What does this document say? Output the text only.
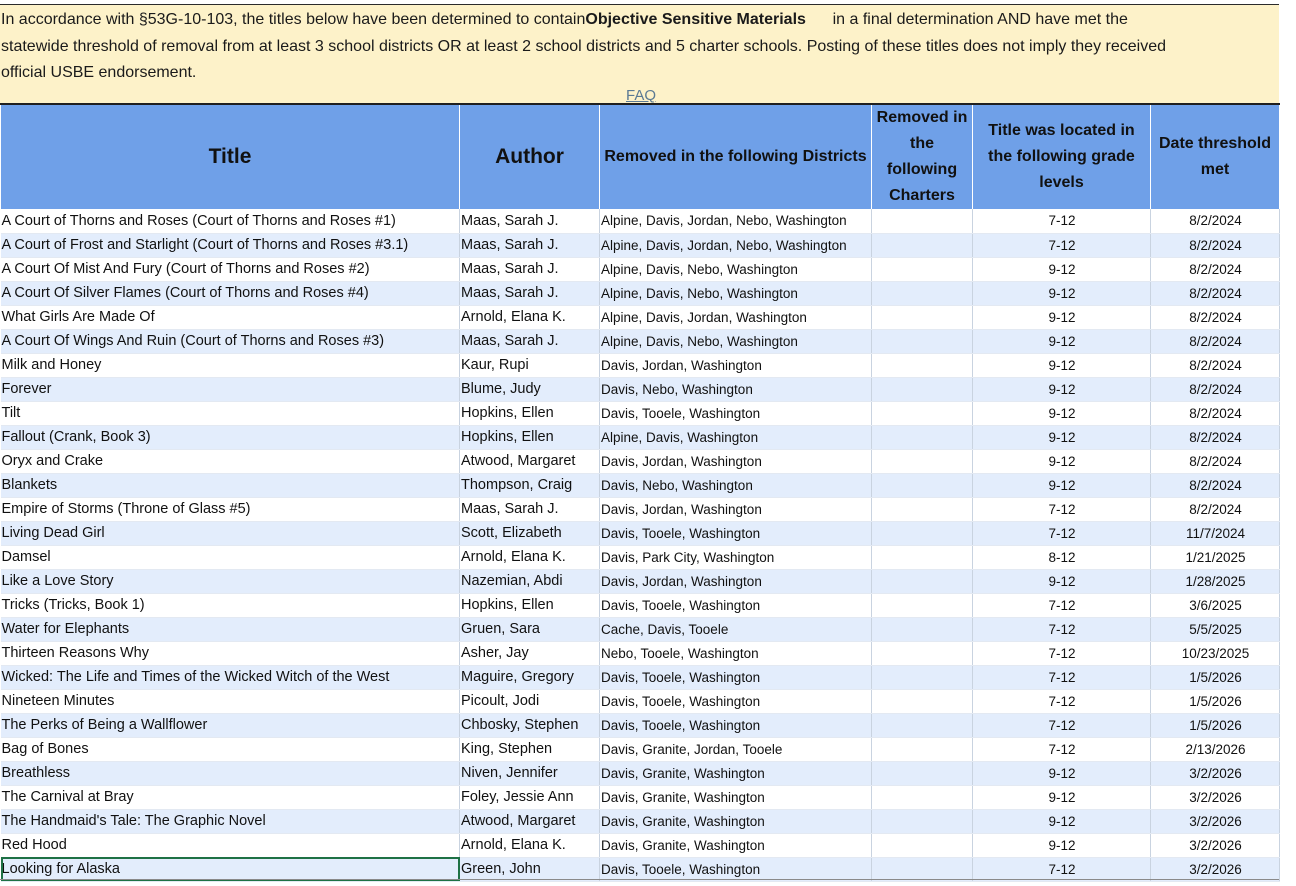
In accordance with §53G-10-103, the titles below have been determined to containObjective Sensitive Materials in a final determination AND have met the
statewide threshold of removal from at least 3 school districts OR at least 2 school districts and 5 charter schools. Posting of these titles does not imply they received
official USBE endorsement.

FAQ
Title	Author	Removed in the following Districts	Removed in the following Charters	Title was located in the following grade levels	Date threshold met
A Court of Thorns and Roses (Court of Thorns and Roses #1)	Maas, Sarah J.	Alpine, Davis, Jordan, Nebo, Washington		7-12	8/2/2024
A Court of Frost and Starlight (Court of Thorns and Roses #3.1)	Maas, Sarah J.	Alpine, Davis, Jordan, Nebo, Washington		7-12	8/2/2024
A Court Of Mist And Fury (Court of Thorns and Roses #2)	Maas, Sarah J.	Alpine, Davis, Nebo, Washington		9-12	8/2/2024
A Court Of Silver Flames (Court of Thorns and Roses #4)	Maas, Sarah J.	Alpine, Davis, Nebo, Washington		9-12	8/2/2024
What Girls Are Made Of	Arnold, Elana K.	Alpine, Davis, Jordan, Washington		9-12	8/2/2024
A Court Of Wings And Ruin (Court of Thorns and Roses #3)	Maas, Sarah J.	Alpine, Davis, Nebo, Washington		9-12	8/2/2024
Milk and Honey	Kaur, Rupi	Davis, Jordan, Washington		9-12	8/2/2024
Forever	Blume, Judy	Davis, Nebo, Washington		9-12	8/2/2024
Tilt	Hopkins, Ellen	Davis, Tooele, Washington		9-12	8/2/2024
Fallout (Crank, Book 3)	Hopkins, Ellen	Alpine, Davis, Washington		9-12	8/2/2024
Oryx and Crake	Atwood, Margaret	Davis, Jordan, Washington		9-12	8/2/2024
Blankets	Thompson, Craig	Davis, Nebo, Washington		9-12	8/2/2024
Empire of Storms (Throne of Glass #5)	Maas, Sarah J.	Davis, Jordan, Washington		7-12	8/2/2024
Living Dead Girl	Scott, Elizabeth	Davis, Tooele, Washington		7-12	11/7/2024
Damsel	Arnold, Elana K.	Davis, Park City, Washington		8-12	1/21/2025
Like a Love Story	Nazemian, Abdi	Davis, Jordan, Washington		9-12	1/28/2025
Tricks (Tricks, Book 1)	Hopkins, Ellen	Davis, Tooele, Washington		7-12	3/6/2025
Water for Elephants	Gruen, Sara	Cache, Davis, Tooele		7-12	5/5/2025
Thirteen Reasons Why	Asher, Jay	Nebo, Tooele, Washington		7-12	10/23/2025
Wicked: The Life and Times of the Wicked Witch of the West	Maguire, Gregory	Davis, Tooele, Washington		7-12	1/5/2026
Nineteen Minutes	Picoult, Jodi	Davis, Tooele, Washington		7-12	1/5/2026
The Perks of Being a Wallflower	Chbosky, Stephen	Davis, Tooele, Washington		7-12	1/5/2026
Bag of Bones	King, Stephen	Davis, Granite, Jordan, Tooele		7-12	2/13/2026
Breathless	Niven, Jennifer	Davis, Granite, Washington		9-12	3/2/2026
The Carnival at Bray	Foley, Jessie Ann	Davis, Granite, Washington		9-12	3/2/2026
The Handmaid's Tale: The Graphic Novel	Atwood, Margaret	Davis, Granite, Washington		9-12	3/2/2026
Red Hood	Arnold, Elana K.	Davis, Granite, Washington		9-12	3/2/2026
Looking for Alaska	Green, John	Davis, Tooele, Washington		7-12	3/2/2026
